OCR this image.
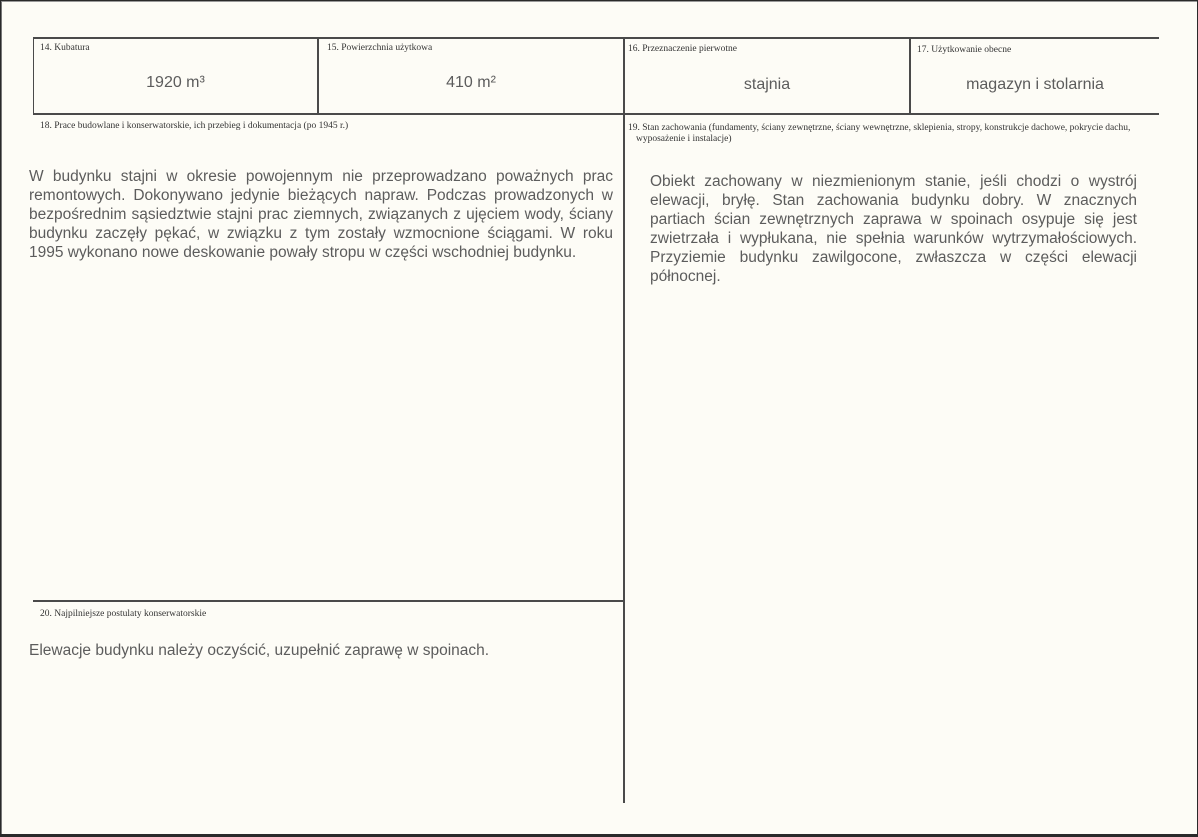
14. Kubatura
1920 m³
15. Powierzchnia użytkowa
410 m²
16. Przeznaczenie pierwotne
stajnia
17. Użytkowanie obecne
magazyn i stolarnia
18. Prace budowlane i konserwatorskie, ich przebieg i dokumentacja (po 1945 r.)
W budynku stajni w okresie powojennym nie przeprowadzano poważnych prac remontowych. Dokonywano jedynie bieżących napraw. Podczas prowadzonych w bezpośrednim sąsiedztwie stajni prac ziemnych, związanych z ujęciem wody, ściany budynku zaczęły pękać, w związku z tym zostały wzmocnione ściągami. W roku 1995 wykonano nowe deskowanie powały stropu w części wschodniej budynku.
19. Stan zachowania (fundamenty, ściany zewnętrzne, ściany wewnętrzne, sklepienia, stropy, konstrukcje dachowe, pokrycie dachu, wyposażenie i instalacje)
Obiekt zachowany w niezmienionym stanie, jeśli chodzi o wystrój elewacji, bryłę. Stan zachowania budynku dobry. W znacznych partiach ścian zewnętrznych zaprawa w spoinach osypuje się jest zwietrzała i wypłukana, nie spełnia warunków wytrzymałościowych. Przyziemie budynku zawilgocone, zwłaszcza w części elewacji północnej.
20. Najpilniejsze postulaty konserwatorskie
Elewacje budynku należy oczyścić, uzupełnić zaprawę w spoinach.
